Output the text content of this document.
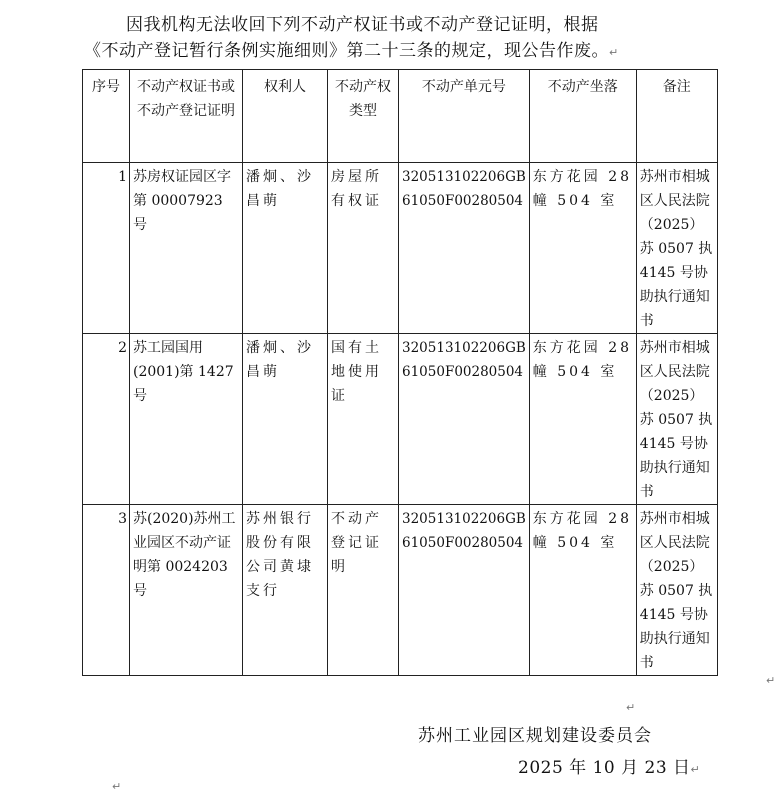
因我机构无法收回下列不动产权证书或不动产登记证明，根据
《不动产登记暂行条例实施细则》第二十三条的规定，现公告作废。↵
序号	不动产权证书或不动产登记证明	权利人	不动产权类型	不动产单元号	不动产坐落	备注
1	苏房权证园区字第 00007923 号	潘炯、沙昌萌	房屋所有权证	320513102206GB
61050F00280504	东方花园 28 幢 504 室	苏州市相城区人民法院（2025）苏 0507 执 4145 号协助执行通知书
2	苏工园国用(2001)第 1427 号	潘炯、沙昌萌	国有土地使用证	320513102206GB
61050F00280504	东方花园 28 幢 504 室	苏州市相城区人民法院（2025）苏 0507 执 4145 号协助执行通知书
3	苏(2020)苏州工业园区不动产证明第 0024203 号	苏州银行股份有限公司黄埭支行	不动产登记证明	320513102206GB
61050F00280504	东方花园 28 幢 504 室	苏州市相城区人民法院（2025）苏 0507 执 4145 号协助执行通知书
↵
↵
苏州工业园区规划建设委员会
2025 年 10 月 23 日↵
↵
